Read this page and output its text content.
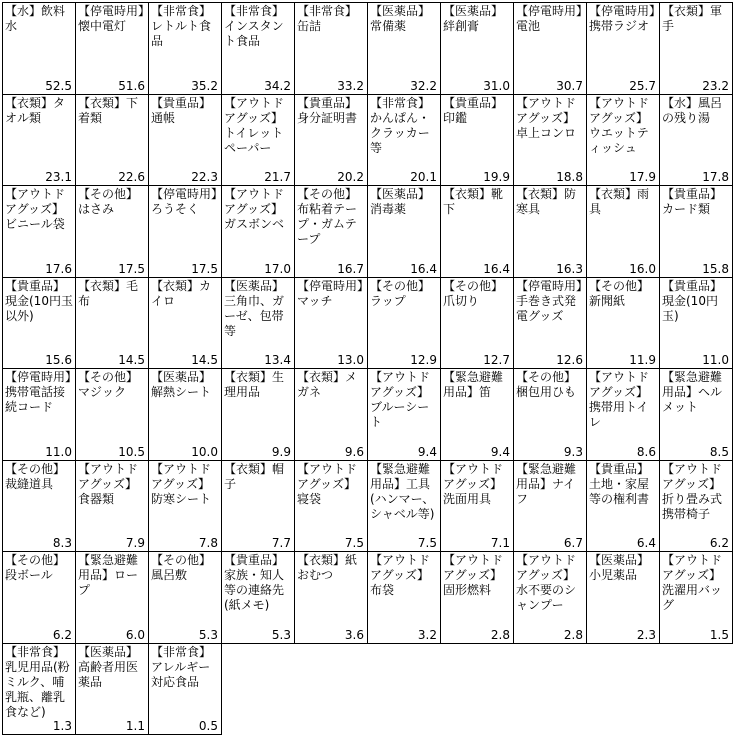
【水】飲料水
52.5
【停電時用】懐中電灯
51.6
【非常食】レトルト食品
35.2
【非常食】インスタント食品
34.2
【非常食】缶詰
33.2
【医薬品】常備薬
32.2
【医薬品】絆創膏
31.0
【停電時用】電池
30.7
【停電時用】携帯ラジオ
25.7
【衣類】軍手
23.2
【衣類】タオル類
23.1
【衣類】下着類
22.6
【貴重品】通帳
22.3
【アウトドアグッズ】トイレットペーパー
21.7
【貴重品】身分証明書
20.2
【非常食】かんぱん・クラッカー等
20.1
【貴重品】印鑑
19.9
【アウトドアグッズ】卓上コンロ
18.8
【アウトドアグッズ】ウエットティッシュ
17.9
【水】風呂の残り湯
17.8
【アウトドアグッズ】ビニール袋
17.6
【その他】はさみ
17.5
【停電時用】ろうそく
17.5
【アウトドアグッズ】ガスボンベ
17.0
【その他】布粘着テープ・ガムテープ
16.7
【医薬品】消毒薬
16.4
【衣類】靴下
16.4
【衣類】防寒具
16.3
【衣類】雨具
16.0
【貴重品】カード類
15.8
【貴重品】現金(10円玉以外)
15.6
【衣類】毛布
14.5
【衣類】カイロ
14.5
【医薬品】三角巾、ガーゼ、包帯等
13.4
【停電時用】マッチ
13.0
【その他】ラップ
12.9
【その他】爪切り
12.7
【停電時用】手巻き式発電グッズ
12.6
【その他】新聞紙
11.9
【貴重品】現金(10円玉)
11.0
【停電時用】携帯電話接続コード
11.0
【その他】マジック
10.5
【医薬品】解熱シート
10.0
【衣類】生理用品
9.9
【衣類】メガネ
9.6
【アウトドアグッズ】ブルーシート
9.4
【緊急避難用品】笛
9.4
【その他】梱包用ひも
9.3
【アウトドアグッズ】携帯用トイレ
8.6
【緊急避難用品】ヘルメット
8.5
【その他】裁縫道具
8.3
【アウトドアグッズ】食器類
7.9
【アウトドアグッズ】防寒シート
7.8
【衣類】帽子
7.7
【アウトドアグッズ】寝袋
7.5
【緊急避難用品】工具(ハンマー、シャベル等)
7.5
【アウトドアグッズ】洗面用具
7.1
【緊急避難用品】ナイフ
6.7
【貴重品】土地・家屋等の権利書
6.4
【アウトドアグッズ】折り畳み式携帯椅子
6.2
【その他】段ボール
6.2
【緊急避難用品】ロープ
6.0
【その他】風呂敷
5.3
【貴重品】家族・知人等の連絡先(紙メモ)
5.3
【衣類】紙おむつ
3.6
【アウトドアグッズ】布袋
3.2
【アウトドアグッズ】固形燃料
2.8
【アウトドアグッズ】水不要のシャンプー
2.8
【医薬品】小児薬品
2.3
【アウトドアグッズ】洗濯用バッグ
1.5
【非常食】乳児用品(粉ミルク、哺乳瓶、離乳食など)
1.3
【医薬品】高齢者用医薬品
1.1
【非常食】アレルギー対応食品
0.5
